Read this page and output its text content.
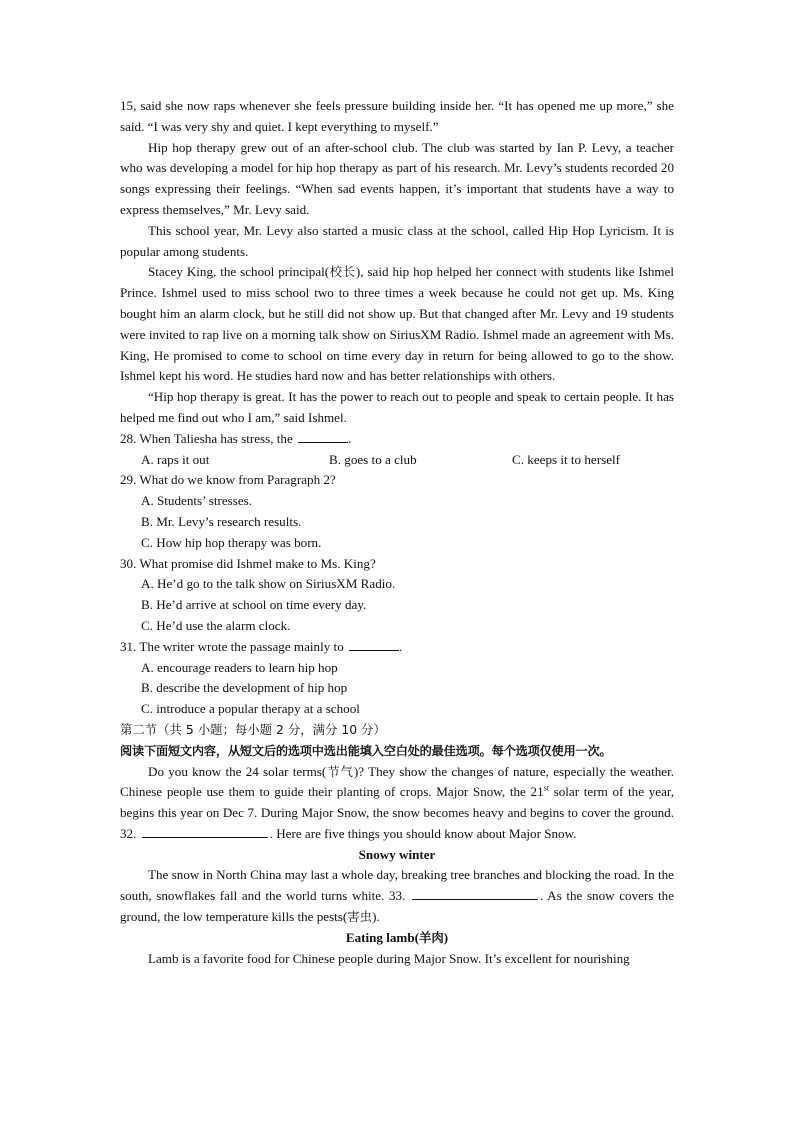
15, said she now raps whenever she feels pressure building inside her. “It has opened me up more,” she said. “I was very shy and quiet. I kept everything to myself.”

Hip hop therapy grew out of an after-school club. The club was started by Ian P. Levy, a teacher who was developing a model for hip hop therapy as part of his research. Mr. Levy’s students recorded 20 songs expressing their feelings. “When sad events happen, it’s important that students have a way to express themselves,” Mr. Levy said.

This school year, Mr. Levy also started a music class at the school, called Hip Hop Lyricism. It is popular among students.

Stacey King, the school principal(校长), said hip hop helped her connect with students like Ishmel Prince. Ishmel used to miss school two to three times a week because he could not get up. Ms. King bought him an alarm clock, but he still did not show up. But that changed after Mr. Levy and 19 students were invited to rap live on a morning talk show on SiriusXM Radio. Ishmel made an agreement with Ms. King, He promised to come to school on time every day in return for being allowed to go to the show. Ishmel kept his word. He studies hard now and has better relationships with others.

“Hip hop therapy is great. It has the power to reach out to people and speak to certain people. It has helped me find out who I am,” said Ishmel.

28. When Taliesha has stress, the	.

A. raps it out	B. goes to a club	C. keeps it to herself

29. What do we know from Paragraph 2?

A. Students’ stresses.

B. Mr. Levy’s research results.

C. How hip hop therapy was born.

30. What promise did Ishmel make to Ms. King?

A. He’d go to the talk show on SiriusXM Radio.

B. He’d arrive at school on time every day.

C. He’d use the alarm clock.

31. The writer wrote the passage mainly to	.

A. encourage readers to learn hip hop

B. describe the development of hip hop

C. introduce a popular therapy at a school

第二节（共 5 小题；每小题 2 分，满分 10 分）

阅读下面短文内容，从短文后的选项中选出能填入空白处的最佳选项。每个选项仅使用一次。

Do you know the 24 solar terms(节气)? They show the changes of nature, especially the weather. Chinese people use them to guide their planting of crops. Major Snow, the 21st solar term of the year, begins this year on Dec 7. During Major Snow, the snow becomes heavy and begins to cover the ground. 32.	. Here are five things you should know about Major Snow.

Snowy winter

The snow in North China may last a whole day, breaking tree branches and blocking the road. In the south, snowflakes fall and the world turns white. 33.	. As the snow covers the ground, the low temperature kills the pests(害虫).

Eating lamb(羊肉)

Lamb is a favorite food for Chinese people during Major Snow. It’s excellent for nourishing
